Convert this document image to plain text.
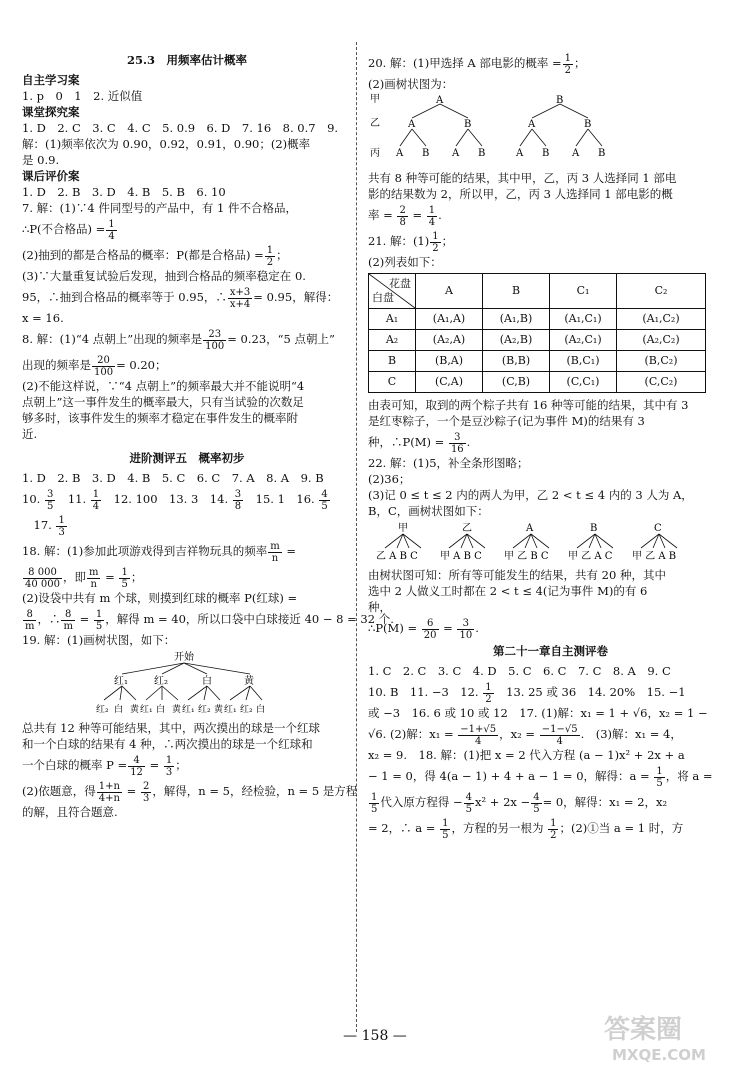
25.3　用频率估计概率
自主学习案
1. p　0　1　2. 近似值
课堂探究案
1. D　2. C　3. C　4. C　5. 0.9　6. D　7. 16　8. 0.7　9.
解：(1)频率依次为 0.90，0.92，0.91，0.90；(2)概率
是 0.9.
课后评价案
1. D　2. B　3. D　4. B　5. B　6. 10
7. 解：(1)∵4 件同型号的产品中，有 1 件不合格品，
∴P(不合格品) = $\frac{1}{4}$
(2)抽到的都是合格品的概率：P(都是合格品) = $\frac{1}{2}$ ；
(3)∵大量重复试验后发现，抽到合格品的频率稳定在 0.
95，∴抽到合格品的概率等于 0.95，∴ $\frac{x+3}{x+4} = 0.95$，解得：
x = 16.
8. 解：(1)“4 点朝上”出现的频率是 $\frac{23}{100} = 0.23$，“5 点朝上”
出现的频率是 $\frac{20}{100} = 0.20$；
(2)不能这样说，∵“4 点朝上”的频率最大并不能说明“4
点朝上”这一事件发生的概率最大，只有当试验的次数足
够多时，该事件发生的频率才稳定在事件发生的概率附
近.
进阶测评五　概率初步
1. D　2. B　3. D　4. B　5. C　6. C　7. A　8. A　9. B
10. $\frac{3}{5}$ 　11. $\frac{1}{4}$ 　12. 100　13. 3　14. $\frac{3}{8}$ 　15. 1　16. $\frac{4}{5}$
　17. $\frac{1}{3}$
18. 解：(1)参加此项游戏得到吉祥物玩具的频率 $\frac{m}{n}$ =
$\frac{8 000}{40 000}$ ，即 $\frac{m}{n} = \frac{1}{5}$ ；
(2)设袋中共有 m 个球，则摸到红球的概率 P(红球) =
$\frac{8}{m}$ ，∴ $\frac{8}{m} = \frac{1}{5}$ ，解得 m = 40，所以口袋中白球接近 40 − 8 = 32 个.
19. 解：(1)画树状图，如下：
开始
红₁	红₂	白	黄
红₂ 白 黄 红₁ 白 黄 红₁ 红₂ 黄 红₁ 红₂ 白
总共有 12 种等可能结果，其中，两次摸出的球是一个红球
和一个白球的结果有 4 种，∴两次摸出的球是一个红球和
一个白球的概率 $P = \frac{4}{12} = \frac{1}{3}$ ；
(2)依题意，得 $\frac{1+n}{4+n} = \frac{2}{3}$ ，解得，n = 5，经检验，n = 5 是方程
的解，且符合题意.
20. 解：(1)甲选择 A 部电影的概率 = $\frac{1}{2}$ ；
(2)画树状图为：
甲
乙
丙
A	B
A	B	A	B
A B A B	A B A B
共有 8 种等可能的结果，其中甲，乙，丙 3 人选择同 1 部电
影的结果数为 2，所以甲，乙，丙 3 人选择同 1 部电影的概
率 = $\frac{2}{8} = \frac{1}{4}$ .
21. 解：$(1) \frac{1}{2}$ ；
(2)列表如下：
花盘
白盘	A	B	C₁	C₂
A₁	(A₁,A)	(A₁,B)	(A₁,C₁)	(A₁,C₂)
A₂	(A₂,A)	(A₂,B)	(A₂,C₁)	(A₂,C₂)
B	(B,A)	(B,B)	(B,C₁)	(B,C₂)
C	(C,A)	(C,B)	(C,C₁)	(C,C₂)
由表可知，取到的两个粽子共有 16 种等可能的结果，其中有 3
是红枣粽子，一个是豆沙粽子(记为事件 M)的结果有 3
种，∴P(M) = $\frac{3}{16}$ .
22. 解：(1)5，补全条形图略；
(2)36；
(3)记 0 ≤ t ≤ 2 内的两人为甲，乙 2 < t ≤ 4 内的 3 人为 A，
B，C，画树状图如下：
甲
乙 A B C
乙
甲 A B C
A
甲 乙 B C
B
甲 乙 A C
C
甲 乙 A B
由树状图可知：所有等可能发生的结果，共有 20 种，其中
选中 2 人做义工时都在 2 < t ≤ 4(记为事件 M)的有 6
种，
∴P(M) = $\frac{6}{20} = \frac{3}{10}$ .
第二十一章自主测评卷
1. C　2. C　3. C　4. D　5. C　6. C　7. C　8. A　9. C
10. B　11. −3　12. $\frac{1}{2}$
　 13. 25 或 36　14. 20%　15. −1
或 −3　16. 6 或 10 或 12　17. (1)解：x₁ = 1 + √6，x₂ = 1 −
√6. (2)解：$x_1 = \frac{-1+√5}{4}$ ，$x_2 = \frac{-1-√5}{4}$ .　(3)解：x₁ = 4，
x₂ = 9.　18. 解：(1)把 x = 2 代入方程 (a − 1)x² + 2x + a
− 1 = 0，得 4(a − 1) + 4 + a − 1 = 0，解得：$a = \frac{1}{5}$ ，将 a =
$\frac{1}{5}$ 代入原方程得 − $\frac{4}{5} x^2 + 2x - \frac{4}{5} = 0$，解得：x₁ = 2，x₂
= 2，∴ $a = \frac{1}{5}$ ，方程的另一根为 $\frac{1}{2}$ ；(2)①当 a = 1 时，方
— 158 —	答案圈
MXQE.COM
